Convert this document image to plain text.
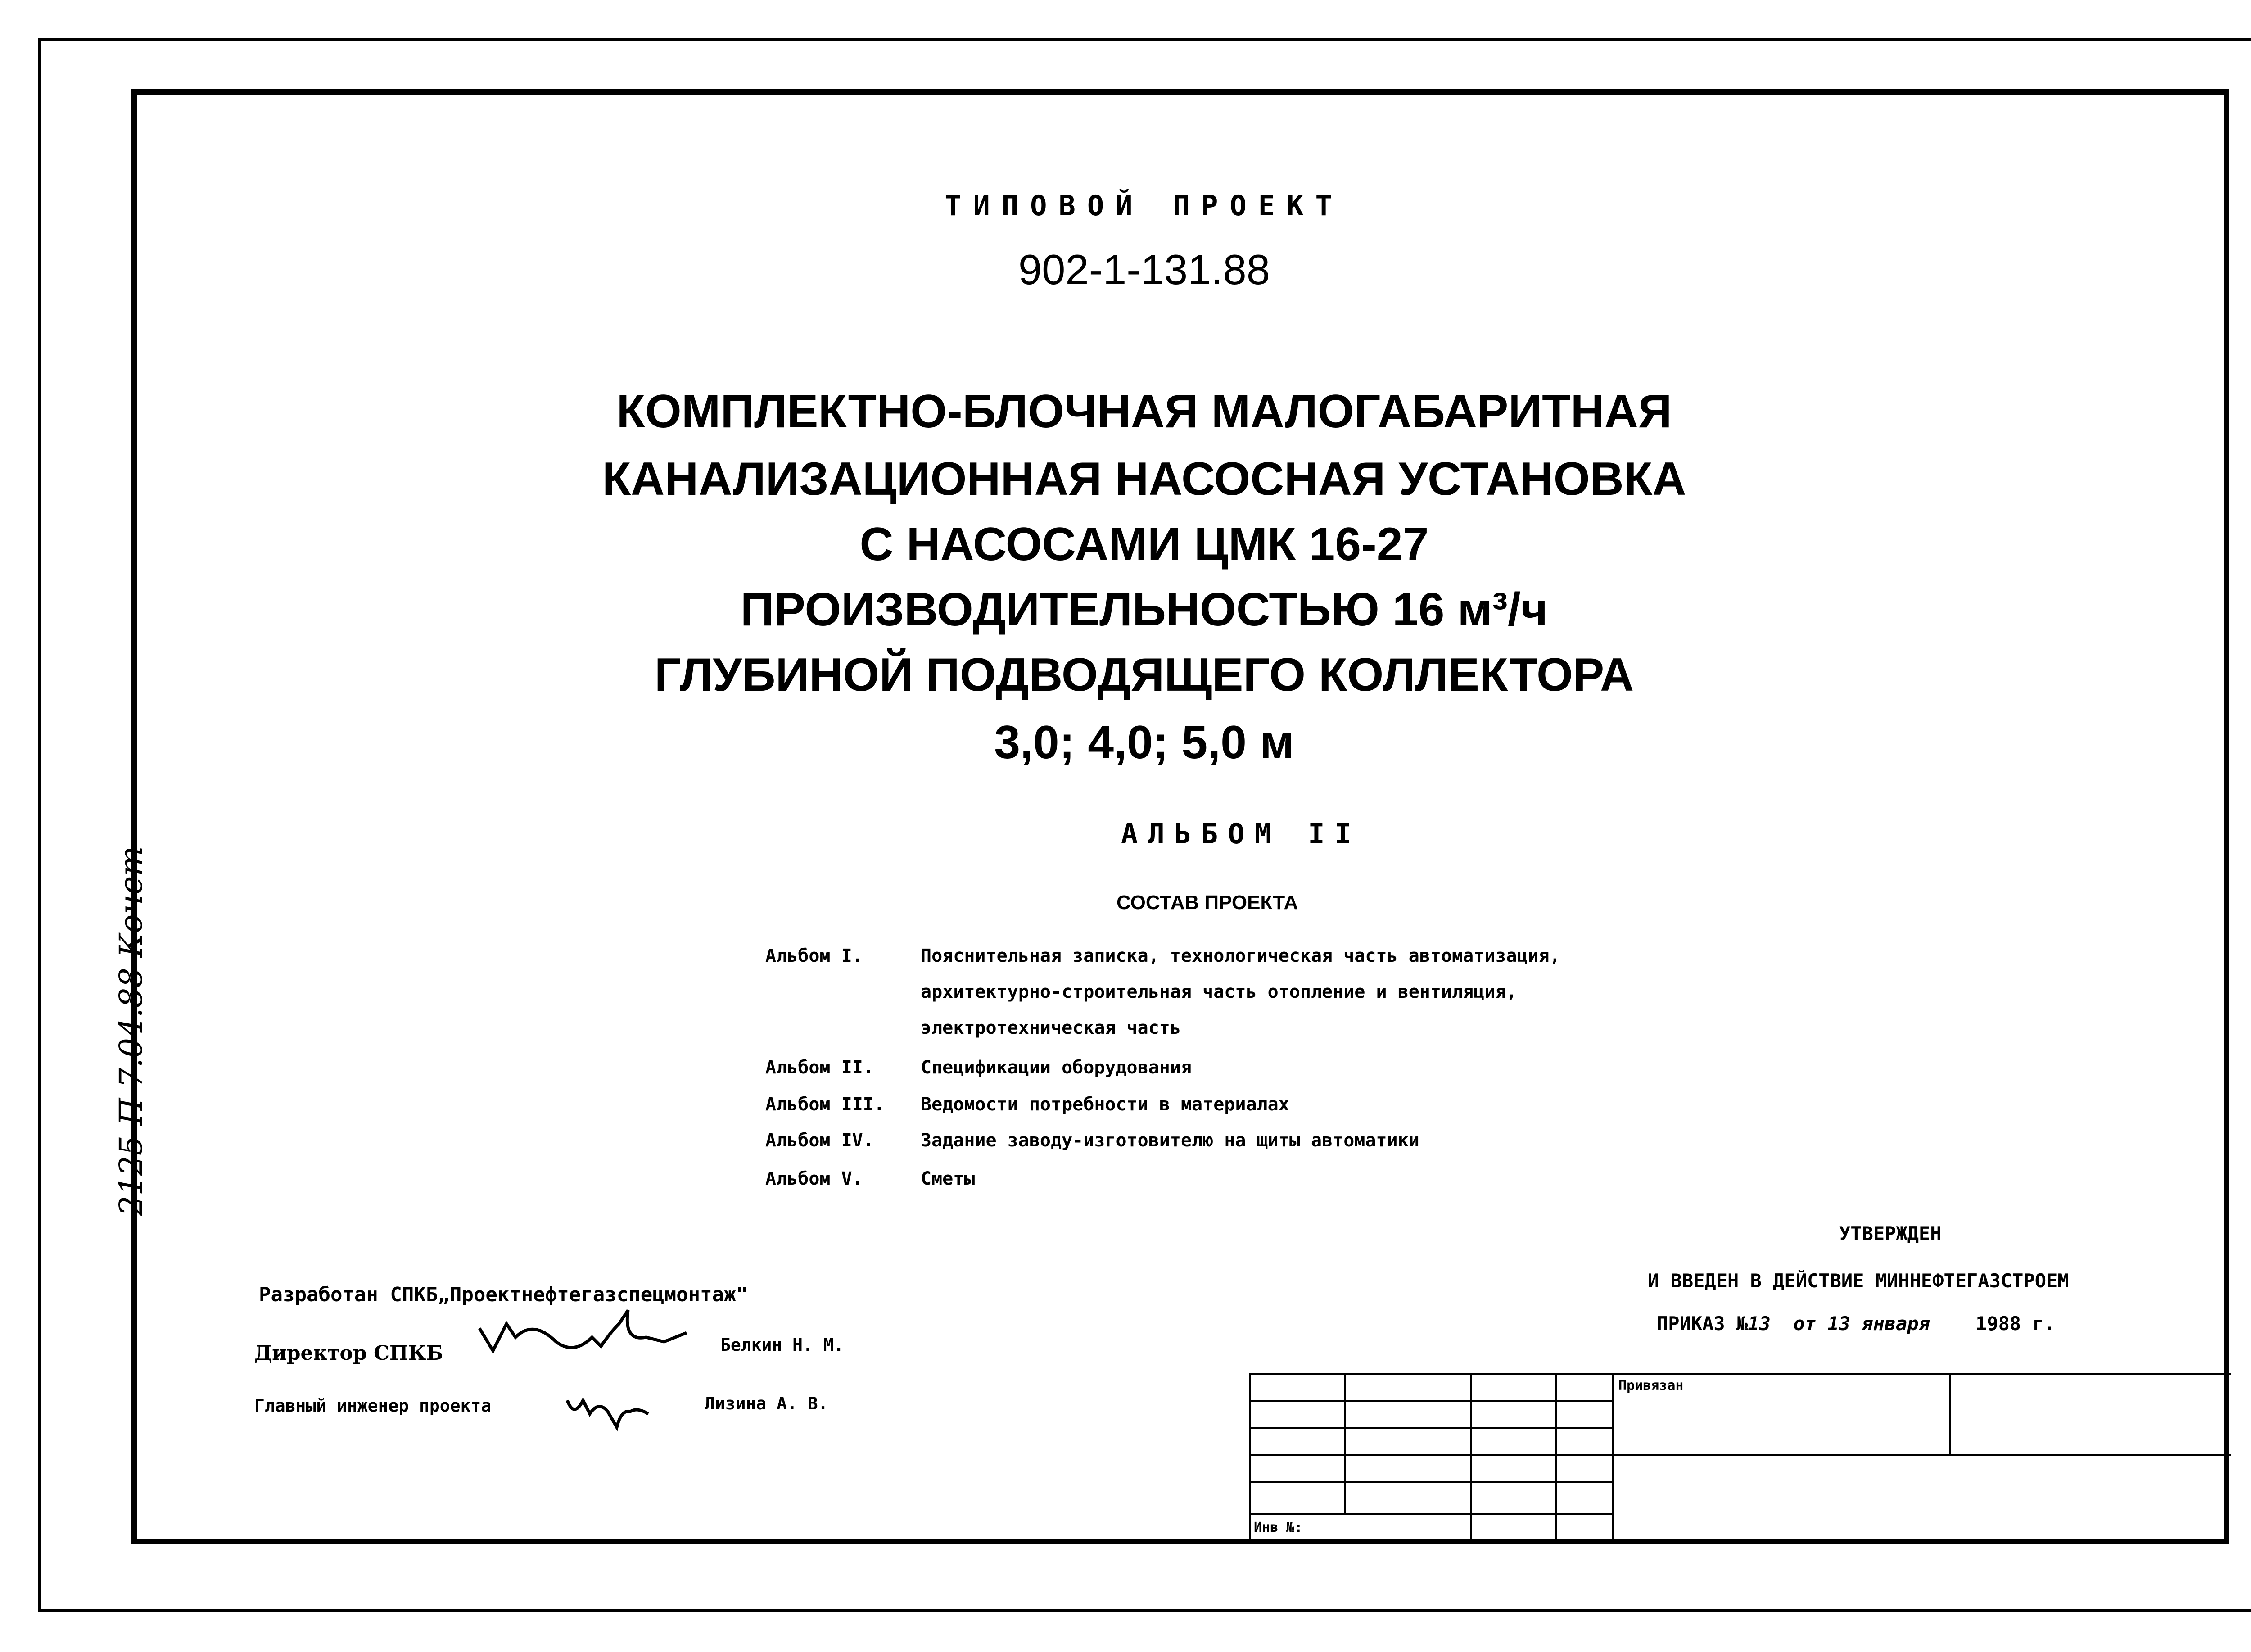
ТИПОВОЙ ПРОЕКТ
902-1-131.88
КОМПЛЕКТНО-БЛОЧНАЯ МАЛОГАБАРИТНАЯ
КАНАЛИЗАЦИОННАЯ НАСОСНАЯ УСТАНОВКА
С НАСОСАМИ ЦМК 16-27
ПРОИЗВОДИТЕЛЬНОСТЬЮ 16 м³/ч
ГЛУБИНОЙ ПОДВОДЯЩЕГО КОЛЛЕКТОРА
3,0; 4,0; 5,0 м
АЛЬБОМ II
СОСТАВ ПРОЕКТА
Альбом I.	Пояснительная записка, технологическая часть автоматизация,
архитектурно-строительная часть отопление и вентиляция,
электротехническая часть
Альбом II.	Спецификации оборудования
Альбом III. Ведомости потребности в материалах
Альбом IV.	Задание заводу-изготовителю на щиты автоматики
Альбом V.	Сметы
Разработан СПКБ„Проектнефтегазспецмонтаж"
Директор СПКБ	Белкин Н. М.
Главный инженер проекта	Лизина А. В.
УТВЕРЖДЕН
И ВВЕДЕН В ДЕЙСТВИЕ МИННЕФТЕГАЗСТРОЕМ
ПРИКАЗ №13 от 13 января 1988 г.
Привязан
Инв №:
2125 П 7.04.88 Кочет
